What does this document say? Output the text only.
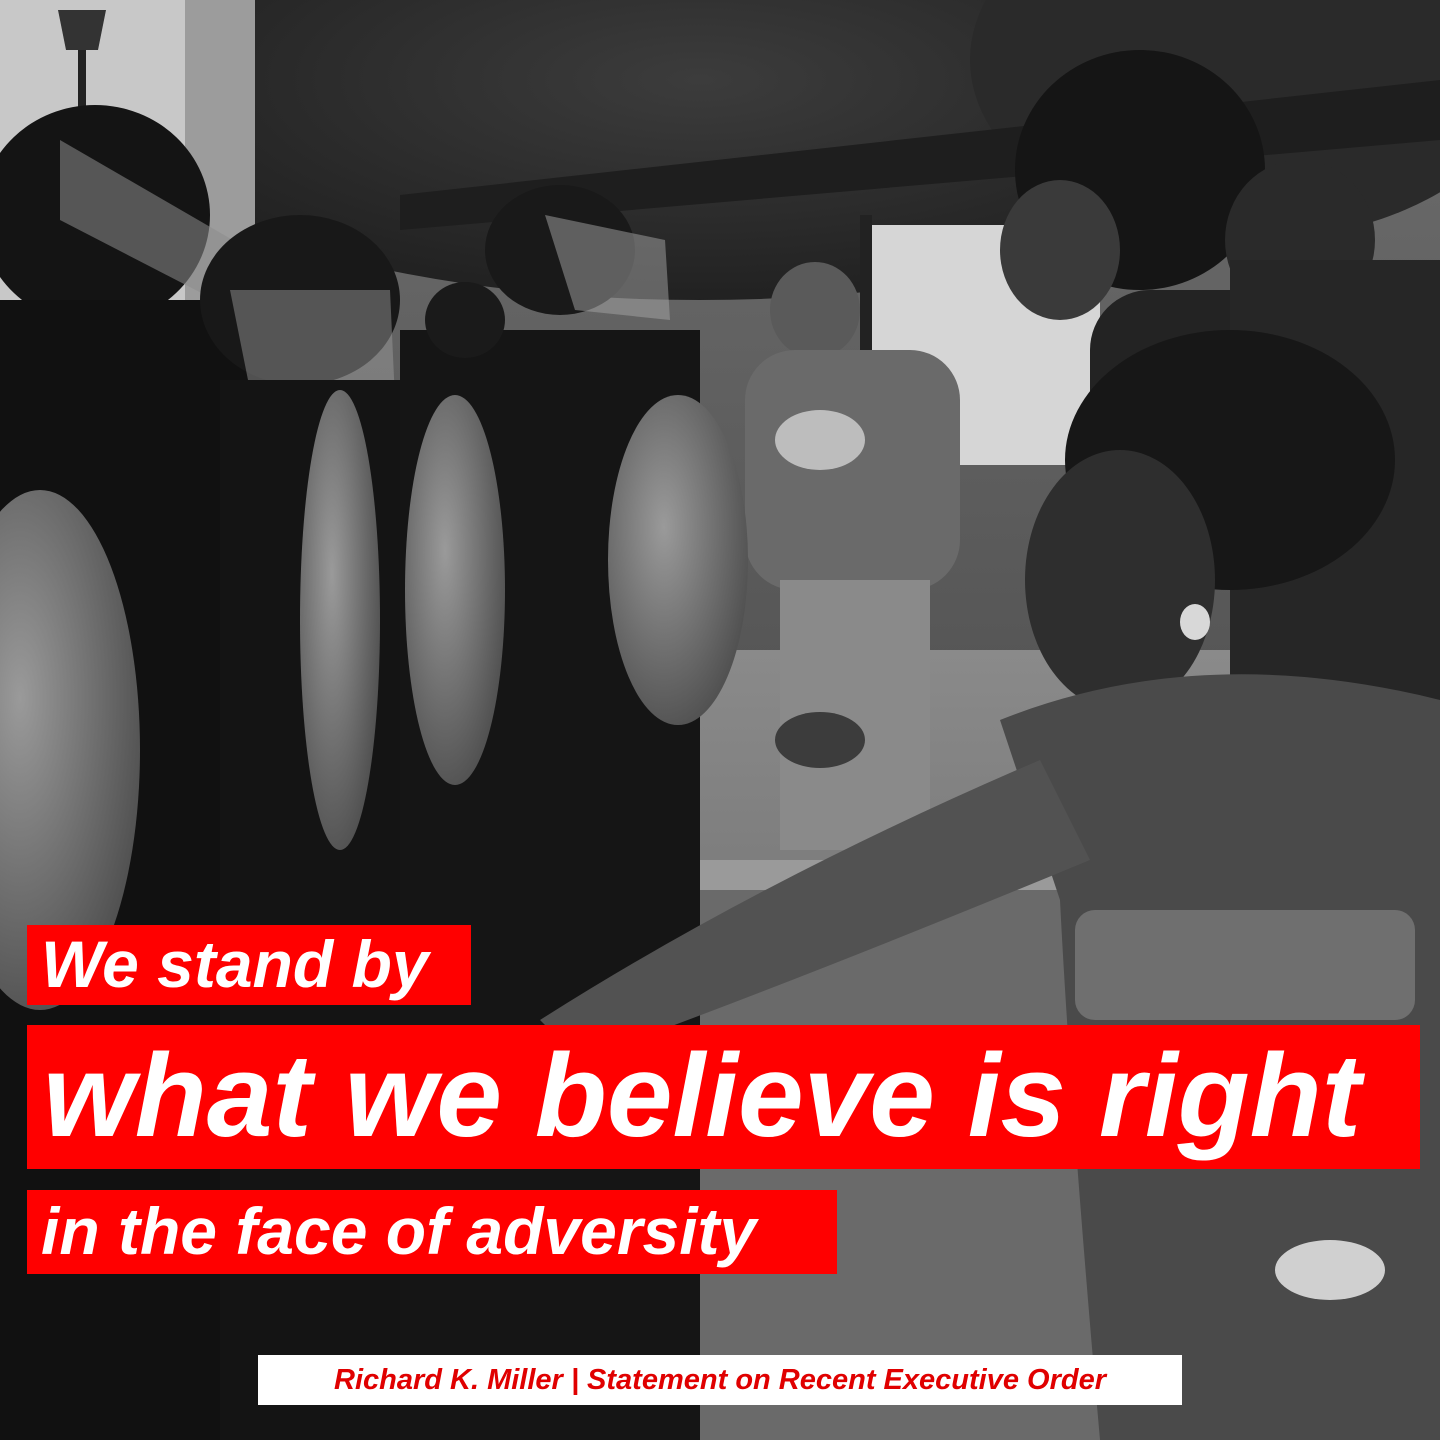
We stand by
what we believe is right
in the face of adversity
Richard K. Miller | Statement on Recent Executive Order
